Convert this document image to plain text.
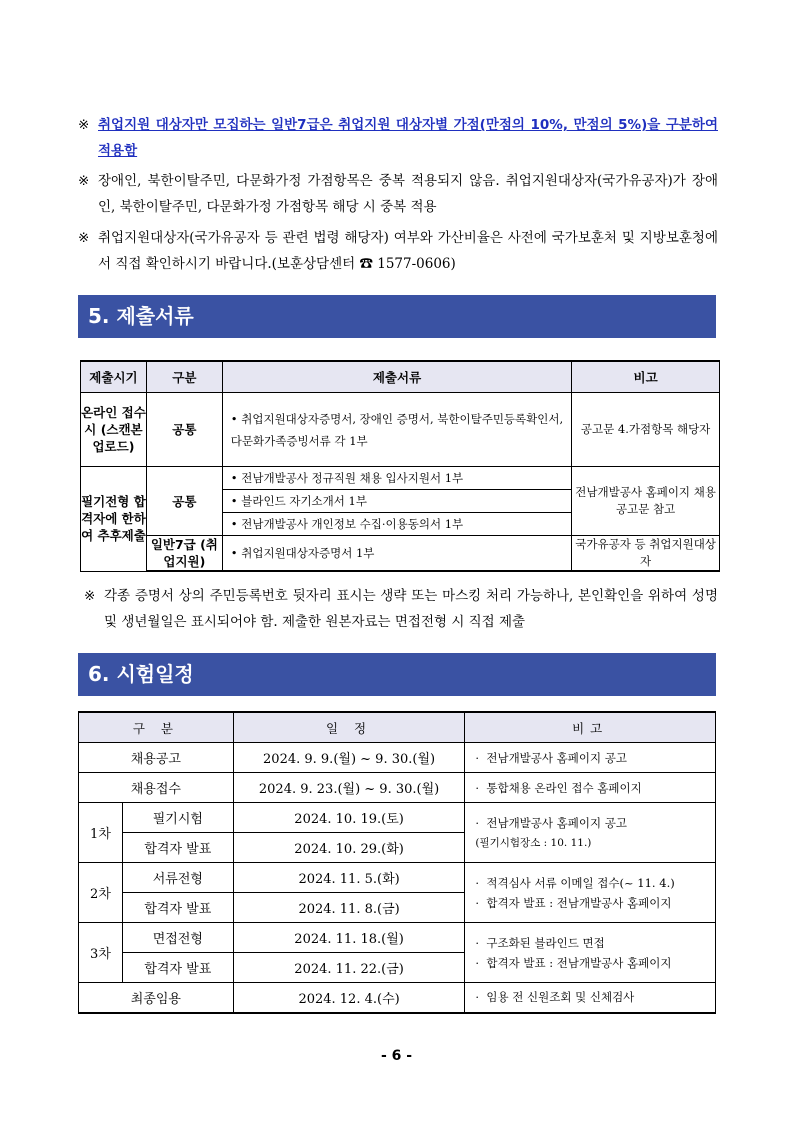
※ 취업지원 대상자만 모집하는 일반7급은 취업지원 대상자별 가점(만점의 10%, 만점의 5%)을 구분하여 적용함
※ 장애인, 북한이탈주민, 다문화가정 가점항목은 중복 적용되지 않음. 취업지원대상자(국가유공자)가 장애인, 북한이탈주민, 다문화가정 가점항목 해당 시 중복 적용
※ 취업지원대상자(국가유공자 등 관련 법령 해당자) 여부와 가산비율은 사전에 국가보훈처 및 지방보훈청에서 직접 확인하시기 바랍니다.(보훈상담센터 ☎ 1577-0606)
5. 제출서류
제출시기	구분	제출서류	비고
온라인 접수시 (스캔본 업로드)	공통	• 취업지원대상자증명서, 장애인 증명서, 북한이탈주민등록확인서, 다문화가족증빙서류 각 1부	공고문 4.가점항목 해당자
필기전형 합격자에 한하여 추후제출	공통	• 전남개발공사 정규직원 채용 입사지원서 1부	전남개발공사 홈페이지 채용 공고문 참고
		• 블라인드 자기소개서 1부
		• 전남개발공사 개인정보 수집·이용동의서 1부
	일반7급 (취업지원)	• 취업지원대상자증명서 1부	국가유공자 등 취업지원대상자
※ 각종 증명서 상의 주민등록번호 뒷자리 표시는 생략 또는 마스킹 처리 가능하나, 본인확인을 위하여 성명 및 생년월일은 표시되어야 함. 제출한 원본자료는 면접전형 시 직접 제출
6. 시험일정
구 분		일 정	비고
채용공고		2024. 9. 9.(월) ~ 9. 30.(월)	·  전남개발공사 홈페이지 공고
채용접수		2024. 9. 23.(월) ~ 9. 30.(월)	·  통합채용 온라인 접수 홈페이지
1차	필기시험	2024. 10. 19.(토)	·  전남개발공사 홈페이지 공고
(필기시험장소 : 10. 11.)

	합격자 발표	2024. 10. 29.(화)	
2차	서류전형	2024. 11. 5.(화)	·  적격심사 서류 이메일 접수(~ 11. 4.)
·  합격자 발표 : 전남개발공사 홈페이지

	합격자 발표	2024. 11. 8.(금)	
3차	면접전형	2024. 11. 18.(월)	·  구조화된 블라인드 면접
·  합격자 발표 : 전남개발공사 홈페이지

	합격자 발표	2024. 11. 22.(금)	
최종임용		2024. 12. 4.(수)	·  임용 전 신원조회 및 신체검사
- 6 -
